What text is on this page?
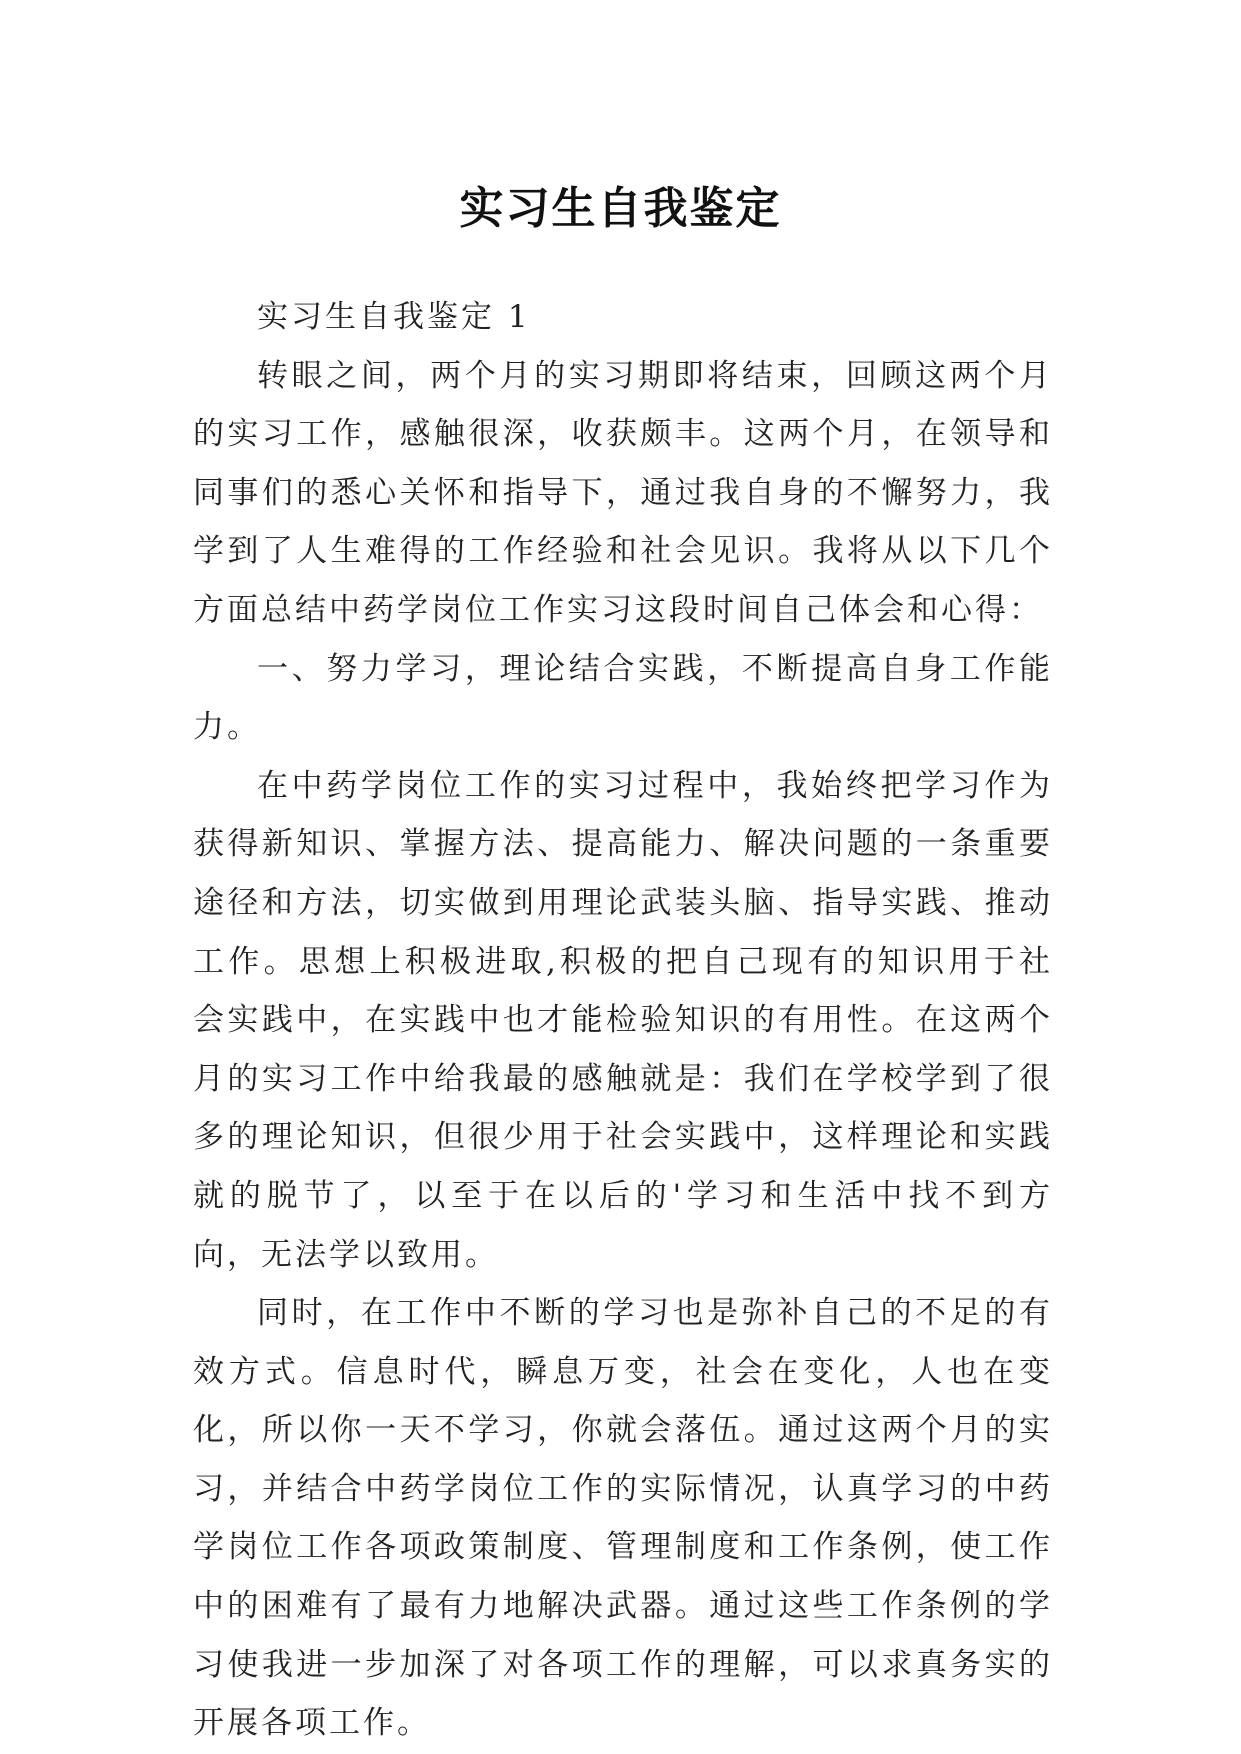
实习生自我鉴定

实习生自我鉴定 1

转眼之间，两个月的实习期即将结束，回顾这两个月的实习工作，感触很深，收获颇丰。这两个月，在领导和同事们的悉心关怀和指导下，通过我自身的不懈努力，我学到了人生难得的工作经验和社会见识。我将从以下几个方面总结中药学岗位工作实习这段时间自己体会和心得：

一、努力学习，理论结合实践，不断提高自身工作能力。

在中药学岗位工作的实习过程中，我始终把学习作为获得新知识、掌握方法、提高能力、解决问题的一条重要途径和方法，切实做到用理论武装头脑、指导实践、推动工作。思想上积极进取,积极的把自己现有的知识用于社会实践中，在实践中也才能检验知识的有用性。在这两个月的实习工作中给我最的感触就是：我们在学校学到了很多的理论知识，但很少用于社会实践中，这样理论和实践就的脱节了，以至于在以后的'学习和生活中找不到方向，无法学以致用。

同时，在工作中不断的学习也是弥补自己的不足的有效方式。信息时代，瞬息万变，社会在变化，人也在变化，所以你一天不学习，你就会落伍。通过这两个月的实习，并结合中药学岗位工作的实际情况，认真学习的中药学岗位工作各项政策制度、管理制度和工作条例，使工作中的困难有了最有力地解决武器。通过这些工作条例的学习使我进一步加深了对各项工作的理解，可以求真务实的开展各项工作。
